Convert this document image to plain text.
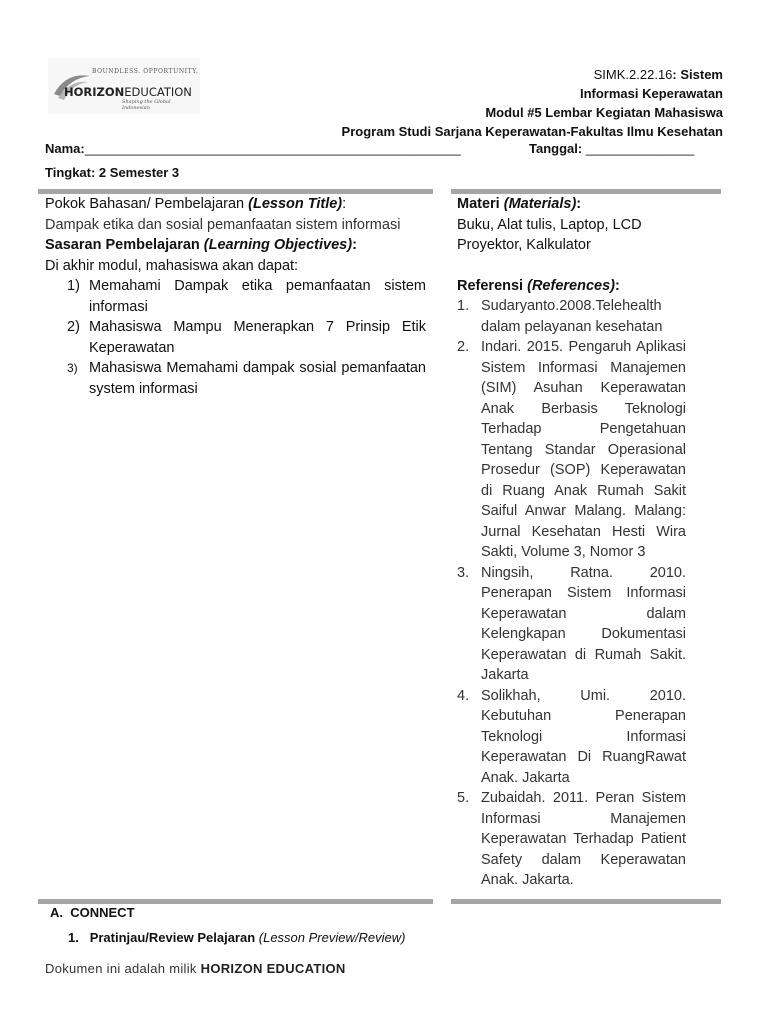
BOUNDLESS. OPPORTUNITY.
HORIZONEDUCATION
Shaping the Global Indonesian
SIMK.2.22.16: Sistem
Informasi Keperawatan
Modul #5 Lembar Kegiatan Mahasiswa
Program Studi Sarjana Keperawatan-Fakultas Ilmu Kesehatan
Nama:____________________________________________________	Tanggal: _______________
Tingkat: 2 Semester 3
Pokok Bahasan/ Pembelajaran (Lesson Title):
Dampak etika dan sosial pemanfaatan sistem informasi
Sasaran Pembelajaran (Learning Objectives):
Di akhir modul, mahasiswa akan dapat:
1) Memahami Dampak etika pemanfaatan sistem informasi
2) Mahasiswa Mampu Menerapkan 7 Prinsip Etik Keperawatan
3) Mahasiswa Memahami dampak sosial pemanfaatan system informasi
Materi (Materials):
Buku, Alat tulis, Laptop, LCD Proyektor, Kalkulator
Referensi (References):
1. Sudaryanto.2008.Telehealth dalam pelayanan kesehatan
2. Indari. 2015. Pengaruh Aplikasi Sistem Informasi Manajemen (SIM) Asuhan Keperawatan Anak Berbasis Teknologi Terhadap Pengetahuan Tentang Standar Operasional Prosedur (SOP) Keperawatan di Ruang Anak Rumah Sakit Saiful Anwar Malang. Malang: Jurnal Kesehatan Hesti Wira Sakti, Volume 3, Nomor 3
3. Ningsih, Ratna. 2010. Penerapan Sistem Informasi Keperawatan dalam Kelengkapan Dokumentasi Keperawatan di Rumah Sakit. Jakarta
4. Solikhah, Umi. 2010. Kebutuhan Penerapan Teknologi Informasi Keperawatan Di RuangRawat Anak. Jakarta
5. Zubaidah. 2011. Peran Sistem Informasi Manajemen Keperawatan Terhadap Patient Safety dalam Keperawatan Anak. Jakarta.
A. CONNECT
1. Pratinjau/Review Pelajaran (Lesson Preview/Review)
Dokumen ini adalah milik HORIZON EDUCATION
